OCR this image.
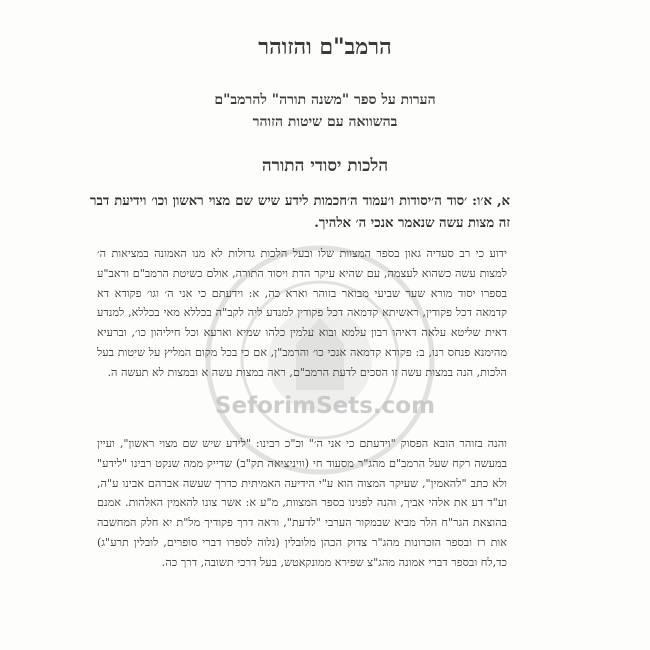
הרמב"ם והזוהר
הערות על ספר "משנה תורה" להרמב"ם
בהשוואה עם שיטות הזוהר
הלכות יסודי התורה
א, א׳ו: ׳סוד ה׳יסודות ו׳עמוד ה׳חכמות לידע שיש שם מצוי ראשון וכו׳ וידיעת דבר זה מצות עשה שנאמר אנכי ה׳ אלהיך.
ידוע כי רב סעדיה גאון בספר המצוות שלו ובעל הלכות גדולות לא מנו האמונה במציאות ה׳ למצות עשה כשהוא לעצמה, עם שהיא עיקר הדת ויסוד התורה, אולם כשיטת הרמב"ם וראב"ע בספרו יסוד מורא שער שביעי מבואר בזוהר וארא כה, א: וידעתם כי אני ה׳ וגו׳ פקודא דא קדמאה דכל פקודין, ראשיתא קדמאה דכל פקודין למנדע ליה לקב"ה בכללא מאי בכללא, למנדע דאית שליטא עלאה דאיהו רבון עלמא ובוא עלמין כלהו שמיא וארעא וכל חיליהון כו׳, וברעיא מהימנא פנחס רנו, ב: פקודא קדמאה אנכי כו׳ והרמב"ן, אם כי בכל מקום המליץ על שיטות בעל הלכות, הנה במצות עשה זו הסכים לדעת הרמב"ם, ראה במצות עשה א ובמצות לא תעשה ה.
והנה בזוהר הובא הפסוק "וידעתם כי אני ה׳" וכ"כ רבינו: "לידע שיש שם מצוי ראשון", ועיין במעשה רקח שעל הרמב"ם מהג"ר מסעוד חי (וויניציאה תק"ב) שדייק ממה שנקט רבינו "לידע" ולא כתב "להאמין", שעיקר המצוה הוא ע"י הידיעה האמיתית כדרך שעשה אברהם אבינו ע"ה, וע"ד דע את אלהי אביך, והנה לפנינו בספר המצוות, מ"ע א: אשר צונו להאמין האלהות. אמנם בהוצאת הגר"ח הלר מביא שבמקור הערבי "לדעת", וראה דרך פקודיך מל"ת יא חלק המחשבה אות רז ובספר הזכרונות מהג"ר צדוק הכהן מלובלין (נלוה לספרו דברי סופרים, לובלין תרע"ג) כד,לח ובספר דברי אמונה מהג"צ שפירא ממונקאטש, בעל דרכי תשובה, דרך כה.
SeforimSets.com
